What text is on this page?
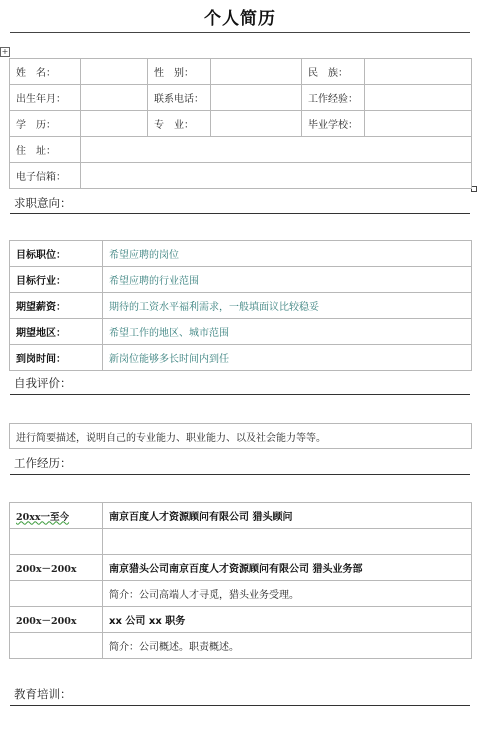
个人简历
+
姓　名：		性　别：		民　族：	
出生年月：		联系电话：		工作经验：	
学　历：		专　业：		毕业学校：	
住　址：					
电子信箱：					
求职意向：
目标职位：	希望应聘的岗位
目标行业：	希望应聘的行业范围
期望薪资：	期待的工资水平福利需求，一般填面议比较稳妥
期望地区：	希望工作的地区、城市范围
到岗时间：	新岗位能够多长时间内到任
自我评价：
进行简要描述，说明自己的专业能力、职业能力、以及社会能力等等。
工作经历：
20xx一至今	南京百度人才资源顾问有限公司 猎头顾问

200x－200x	南京猎头公司南京百度人才资源顾问有限公司 猎头业务部
	简介：公司高端人才寻觅，猎头业务受理。
200x－200x	xx 公司 xx 职务
	简介：公司概述。职责概述。
教育培训：
